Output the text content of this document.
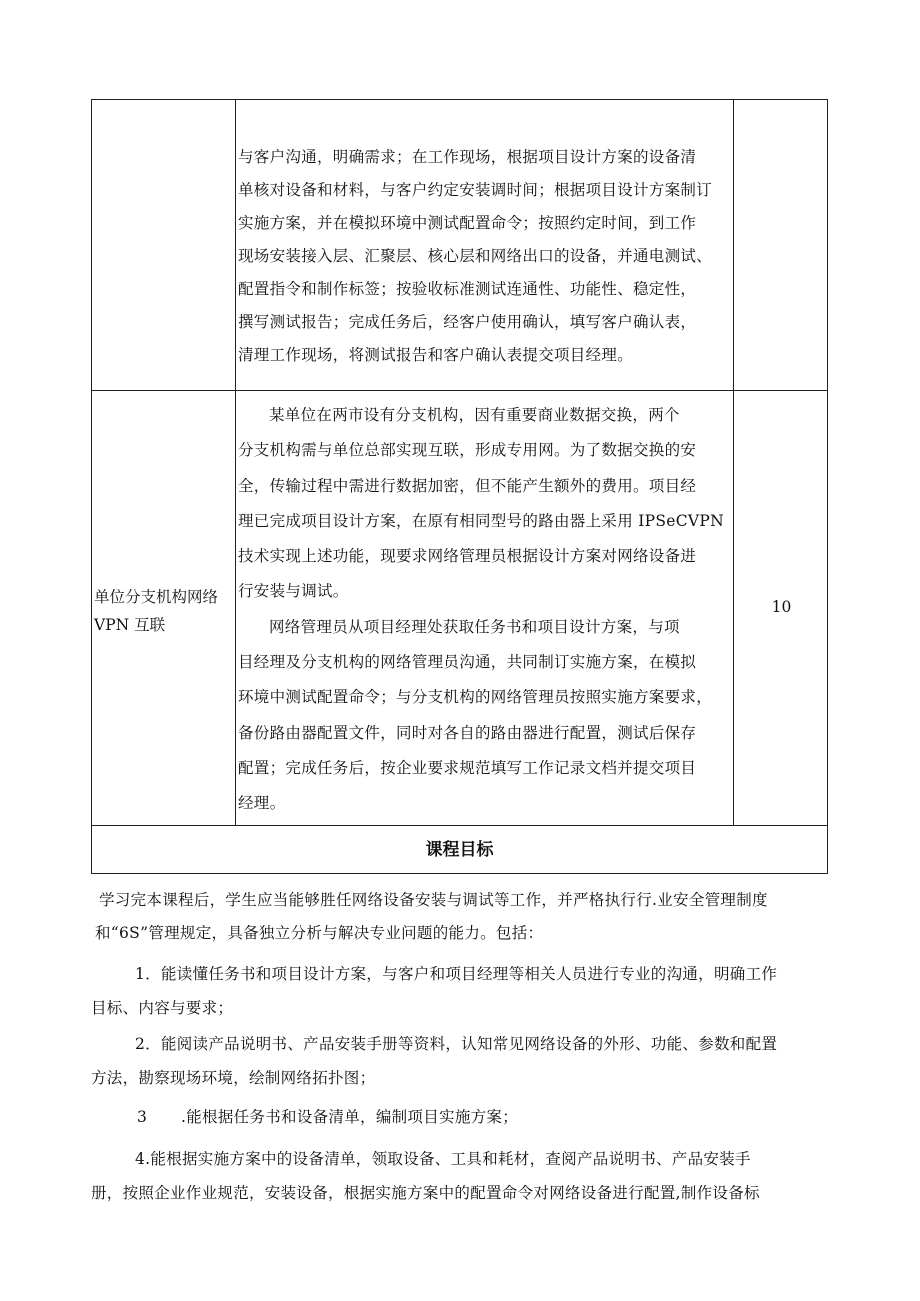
与客户沟通，明确需求；在工作现场，根据项目设计方案的设备清

单核对设备和材料，与客户约定安装调时间；根据项目设计方案制订

实施方案，并在模拟环境中测试配置命令；按照约定时间，到工作

现场安装接入层、汇聚层、核心层和网络出口的设备，并通电测试、

配置指令和制作标签；按验收标准测试连通性、功能性、稳定性，

撰写测试报告；完成任务后，经客户使用确认，填写客户确认表，

清理工作现场，将测试报告和客户确认表提交项目经理。

单位分支机构网络
VPN 互联
10

某单位在两市设有分支机构，因有重要商业数据交换，两个

分支机构需与单位总部实现互联，形成专用网。为了数据交换的安

全，传输过程中需进行数据加密，但不能产生额外的费用。项目经

理已完成项目设计方案，在原有相同型号的路由器上采用 IPSeCVPN

技术实现上述功能，现要求网络管理员根据设计方案对网络设备进

行安装与调试。

网络管理员从项目经理处获取任务书和项目设计方案，与项

目经理及分支机构的网络管理员沟通，共同制订实施方案，在模拟

环境中测试配置命令；与分支机构的网络管理员按照实施方案要求，

备份路由器配置文件，同时对各自的路由器进行配置，测试后保存

配置；完成任务后，按企业要求规范填写工作记录文档并提交项目

经理。

课程目标

学习完本课程后，学生应当能够胜任网络设备安装与调试等工作，并严格执行行.业安全管理制度

和“6S”管理规定，具备独立分析与解决专业问题的能力。包括：

1．能读懂任务书和项目设计方案，与客户和项目经理等相关人员进行专业的沟通，明确工作

目标、内容与要求；

2．能阅读产品说明书、产品安装手册等资料，认知常见网络设备的外形、功能、参数和配置

方法，勘察现场环境，绘制网络拓扑图；

3 .能根据任务书和设备清单，编制项目实施方案；

4.能根据实施方案中的设备清单，领取设备、工具和耗材，查阅产品说明书、产品安装手

册，按照企业作业规范，安装设备，根据实施方案中的配置命令对网络设备进行配置,制作设备标
